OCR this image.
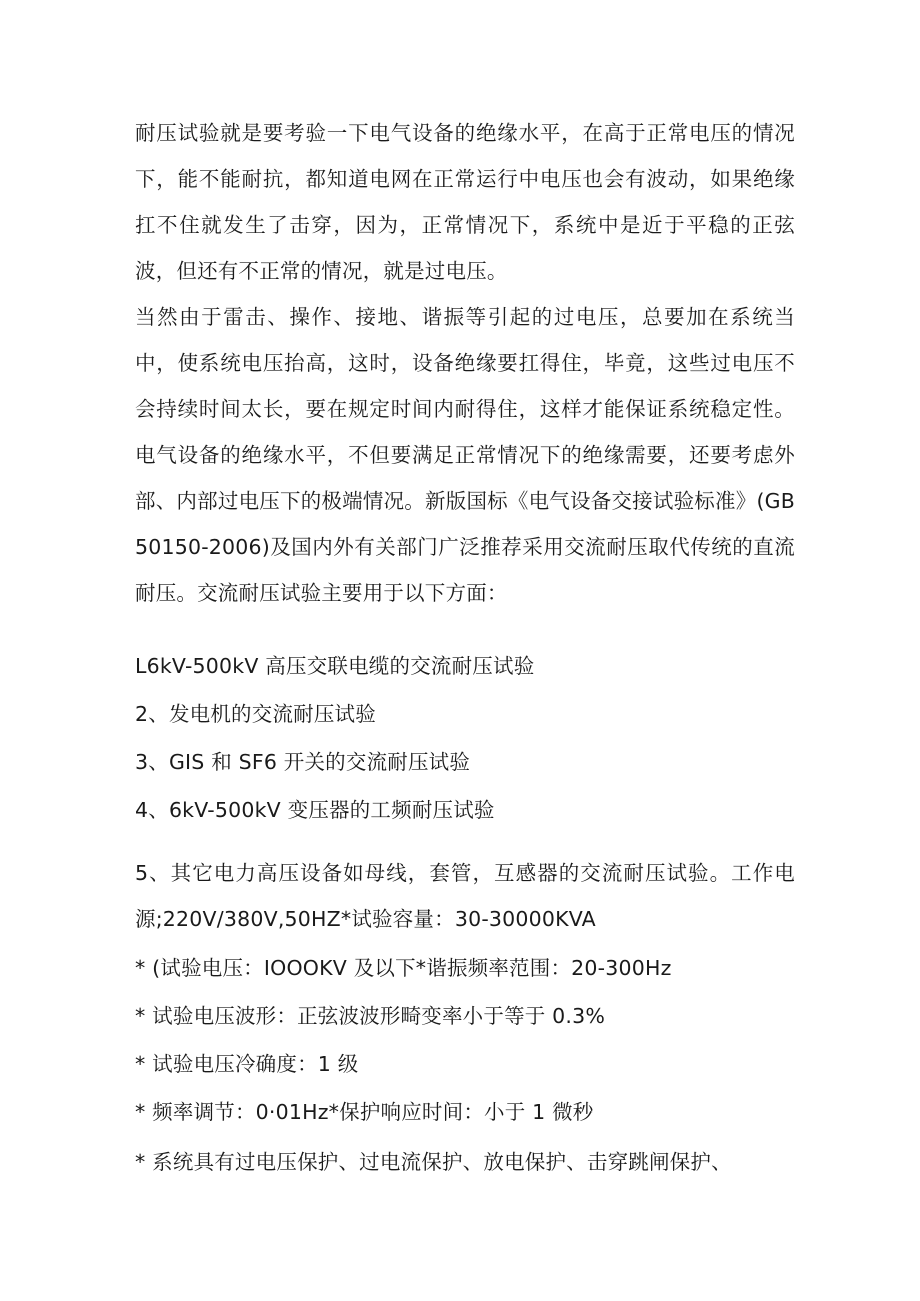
耐压试验就是要考验一下电气设备的绝缘水平，在高于正常电压的情况下，能不能耐抗，都知道电网在正常运行中电压也会有波动，如果绝缘扛不住就发生了击穿，因为，正常情况下，系统中是近于平稳的正弦波，但还有不正常的情况，就是过电压。

当然由于雷击、操作、接地、谐振等引起的过电压，总要加在系统当中，使系统电压抬高，这时，设备绝缘要扛得住，毕竟，这些过电压不会持续时间太长，要在规定时间内耐得住，这样才能保证系统稳定性。电气设备的绝缘水平，不但要满足正常情况下的绝缘需要，还要考虑外部、内部过电压下的极端情况。新版国标《电气设备交接试验标准》(GB50150-2006)及国内外有关部门广泛推荐采用交流耐压取代传统的直流耐压。交流耐压试验主要用于以下方面：

L6kV-500kV 高压交联电缆的交流耐压试验

2、发电机的交流耐压试验

3、GIS 和 SF6 开关的交流耐压试验

4、6kV-500kV 变压器的工频耐压试验

5、其它电力高压设备如母线，套管，互感器的交流耐压试验。工作电源;220V/380V,50HZ*试验容量：30-30000KVA

* (试验电压：IOOOKV 及以下*谐振频率范围：20-300Hz

* 试验电压波形：正弦波波形畸变率小于等于 0.3%

* 试验电压冷确度：1 级

* 频率调节：0·01Hz*保护响应时间：小于 1 微秒

* 系统具有过电压保护、过电流保护、放电保护、击穿跳闸保护、
